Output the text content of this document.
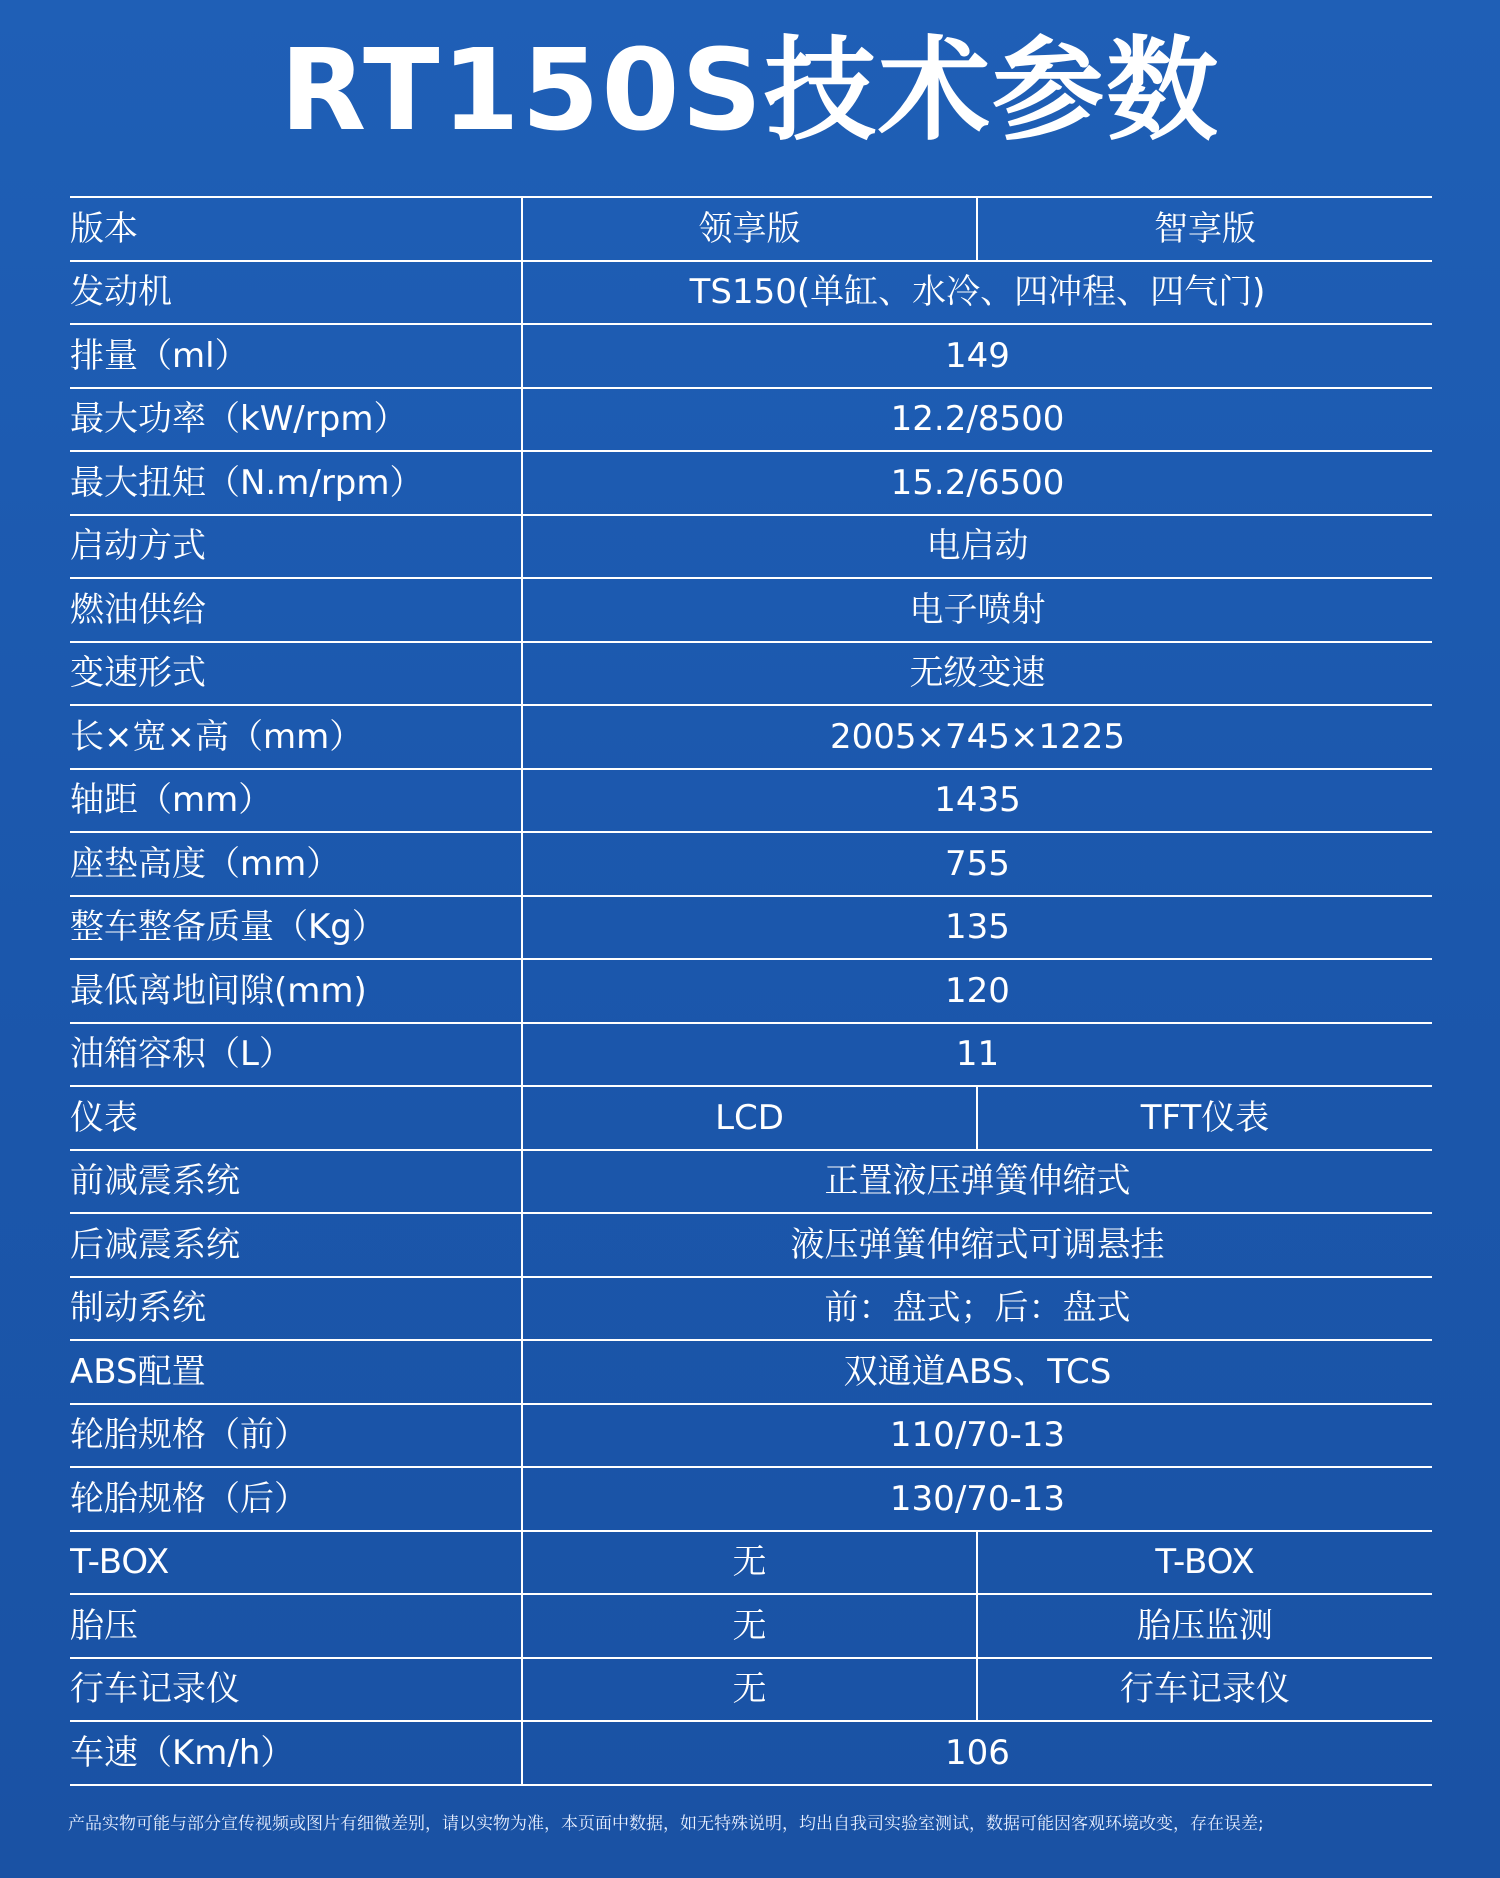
RT150S技术参数
版本	领享版	智享版
发动机	TS150(单缸、水冷、四冲程、四气门)	
排量（ml）	149	
最大功率（kW/rpm）	12.2/8500	
最大扭矩（N.m/rpm）	15.2/6500	
启动方式	电启动	
燃油供给	电子喷射	
变速形式	无级变速	
长×宽×高（mm）	2005×745×1225	
轴距（mm）	1435	
座垫高度（mm）	755	
整车整备质量（Kg）	135	
最低离地间隙(mm)	120	
油箱容积（L）	11	
仪表	LCD	TFT仪表
前减震系统	正置液压弹簧伸缩式	
后减震系统	液压弹簧伸缩式可调悬挂	
制动系统	前：盘式；后：盘式	
ABS配置	双通道ABS、TCS	
轮胎规格（前）	110/70-13	
轮胎规格（后）	130/70-13	
T-BOX	无	T-BOX
胎压	无	胎压监测
行车记录仪	无	行车记录仪
车速（Km/h）	106	
产品实物可能与部分宣传视频或图片有细微差别，请以实物为准，本页面中数据，如无特殊说明，均出自我司实验室测试，数据可能因客观环境改变，存在误差;
